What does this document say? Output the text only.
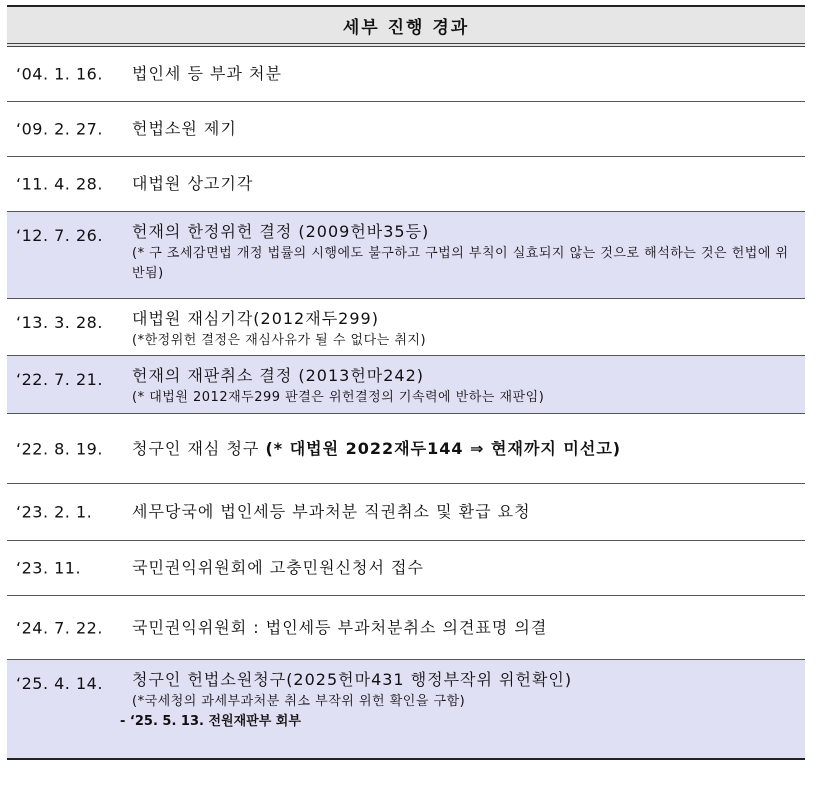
세부 진행 경과
‘04. 1. 16. 법인세 등 부과 처분
‘09. 2. 27. 헌법소원 제기
‘11. 4. 28. 대법원 상고기각
‘12. 7. 26. 헌재의 한정위헌 결정 (2009헌바35등)
(* 구 조세감면법 개정 법률의 시행에도 불구하고 구법의 부칙이 실효되지 않는 것으로 해석하는 것은 헌법에 위반됨)
‘13. 3. 28. 대법원 재심기각(2012재두299)
(*한정위헌 결정은 재심사유가 될 수 없다는 취지)
‘22. 7. 21. 헌재의 재판취소 결정 (2013헌마242)
(* 대법원 2012재두299 판결은 위헌결정의 기속력에 반하는 재판임)
‘22. 8. 19. 청구인 재심 청구 (* 대법원 2022재두144 ⇒ 현재까지 미선고)
‘23. 2. 1. 세무당국에 법인세등 부과처분 직권취소 및 환급 요청
‘23. 11.	국민권익위원회에 고충민원신청서 접수
‘24. 7. 22. 국민권익위원회 : 법인세등 부과처분취소 의견표명 의결
‘25. 4. 14. 청구인 헌법소원청구(2025헌마431 행정부작위 위헌확인)
(*국세청의 과세부과처분 취소 부작위 위헌 확인을 구함)
- ‘25. 5. 13. 전원재판부 회부
